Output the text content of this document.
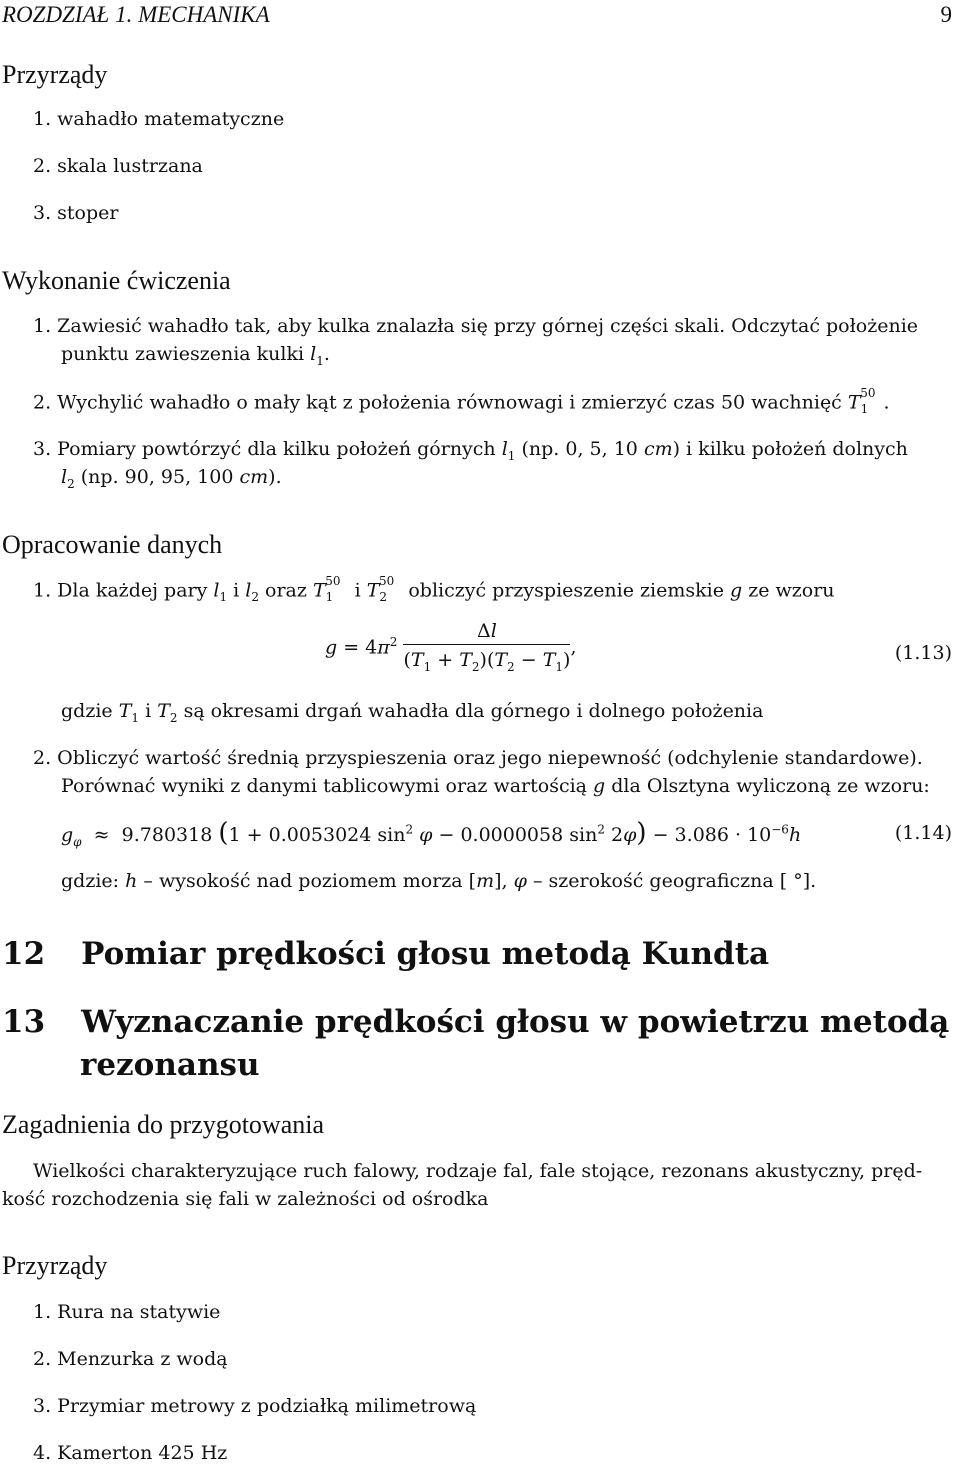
ROZDZIAŁ 1. MECHANIKA	9
Przyrządy
1. wahadło matematyczne
2. skala lustrzana
3. stoper
Wykonanie ćwiczenia
1. Zawiesić wahadło tak, aby kulka znalazła się przy górnej części skali. Odczytać położenie
punktu zawieszenia kulki $l_1$.
2. Wychylić wahadło o mały kąt z położenia równowagi i zmierzyć czas 50 wachnięć $T_1^{50}$ .
3. Pomiary powtórzyć dla kilku położeń górnych $l_1$ (np. 0, 5, 10 cm) i kilku położeń dolnych
$l_2$ (np. 90, 95, 100 cm).
Opracowanie danych
1. Dla każdej pary $l_1$ i $l_2$ oraz $T_1^{50}$ i $T_2^{50}$ obliczyć przyspieszenie ziemskie g ze wzoru
$g = 4\pi^2 \frac{\Delta l}{(T_1 + T_2)(T_2 - T_1)}$ ,	(1.13)
gdzie $T_1$ i $T_2$ są okresami drgań wahadła dla górnego i dolnego położenia
2. Obliczyć wartość średnią przyspieszenia oraz jego niepewność (odchylenie standardowe).
Porównać wyniki z danymi tablicowymi oraz wartością g dla Olsztyna wyliczoną ze wzoru:
$g_\varphi \approx 9.780318$ (1 + 0.0053024 $\sin^2 \varphi - 0.0000058$ $\sin^2 2\varphi) - 3.086 \cdot 10^{-6}h$	(1.14)
gdzie: h – wysokość nad poziomem morza [m], φ – szerokość geograficzna [ °].
12 Pomiar prędkości głosu metodą Kundta
13 Wyznaczanie prędkości głosu w powietrzu metodą
rezonansu
Zagadnienia do przygotowania
Wielkości charakteryzujące ruch falowy, rodzaje fal, fale stojące, rezonans akustyczny, pręd-
kość rozchodzenia się fali w zależności od ośrodka
Przyrządy
1. Rura na statywie
2. Menzurka z wodą
3. Przymiar metrowy z podziałką milimetrową
4. Kamerton 425 Hz
